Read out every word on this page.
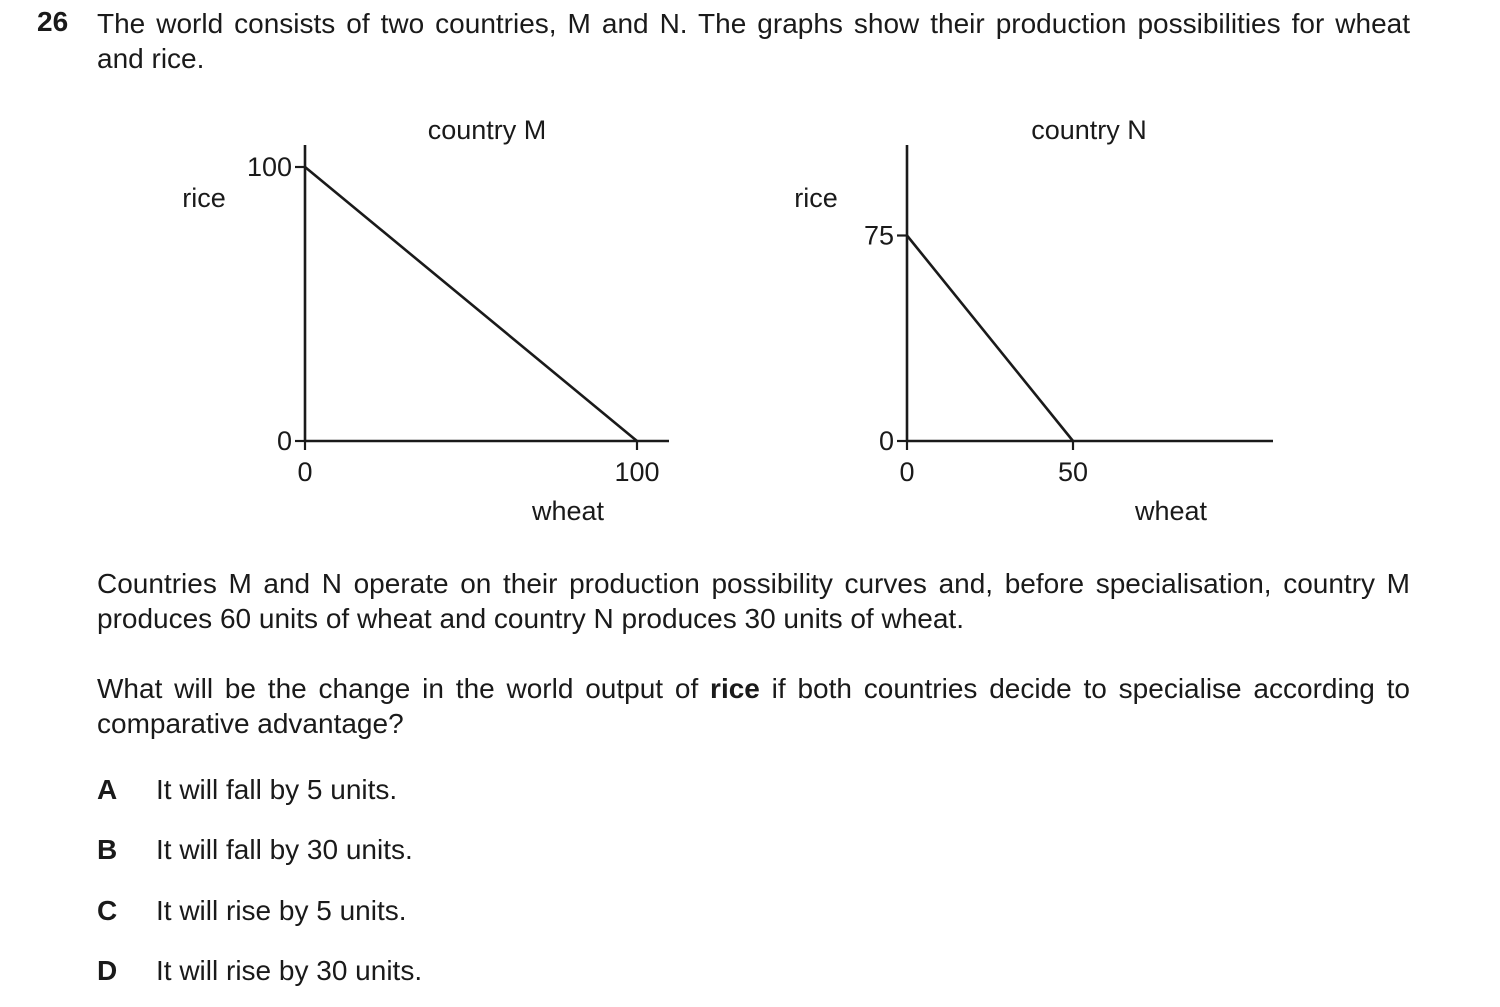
26 The world consists of two countries, M and N. The graphs show their production possibilities for wheat and rice.
country M
rice
wheat
0
100
0	100
country N
rice
wheat
0
75
0	50
Countries M and N operate on their production possibility curves and, before specialisation, country M produces 60 units of wheat and country N produces 30 units of wheat.
What will be the change in the world output of rice if both countries decide to specialise according to comparative advantage?
A It will fall by 5 units.
B It will fall by 30 units.
C It will rise by 5 units.
D It will rise by 30 units.
